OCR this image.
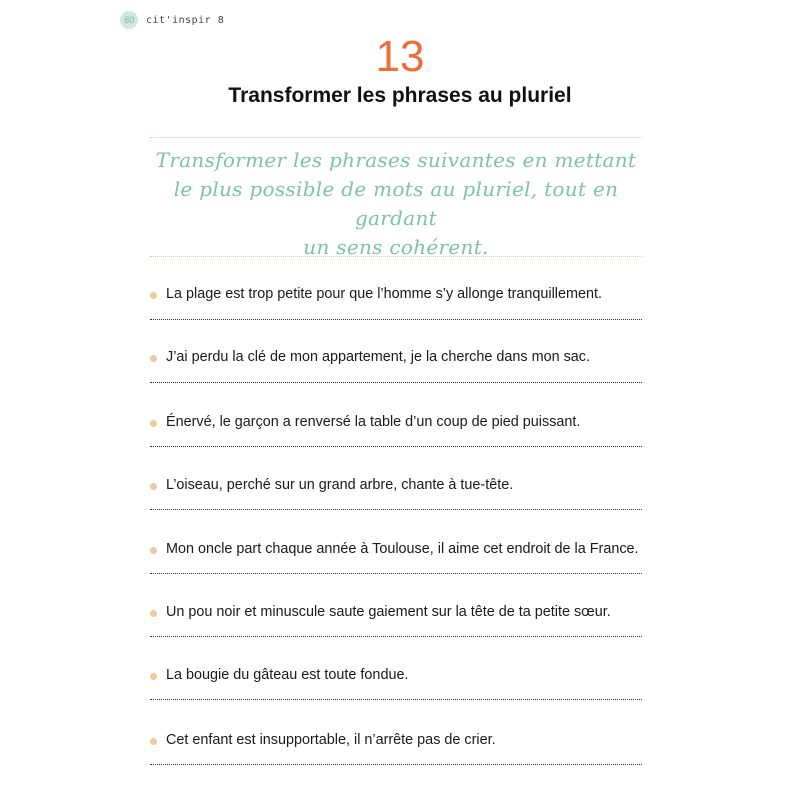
60	cit'inspir 8
13
Transformer les phrases au pluriel
Transformer les phrases suivantes en mettant
le plus possible de mots au pluriel, tout en gardant
un sens cohérent.
La plage est trop petite pour que l’homme s’y allonge tranquillement.
J’ai perdu la clé de mon appartement, je la cherche dans mon sac.
Énervé, le garçon a renversé la table d’un coup de pied puissant.
L’oiseau, perché sur un grand arbre, chante à tue-tête.
Mon oncle part chaque année à Toulouse, il aime cet endroit de la France.
Un pou noir et minuscule saute gaiement sur la tête de ta petite sœur.
La bougie du gâteau est toute fondue.
Cet enfant est insupportable, il n’arrête pas de crier.
